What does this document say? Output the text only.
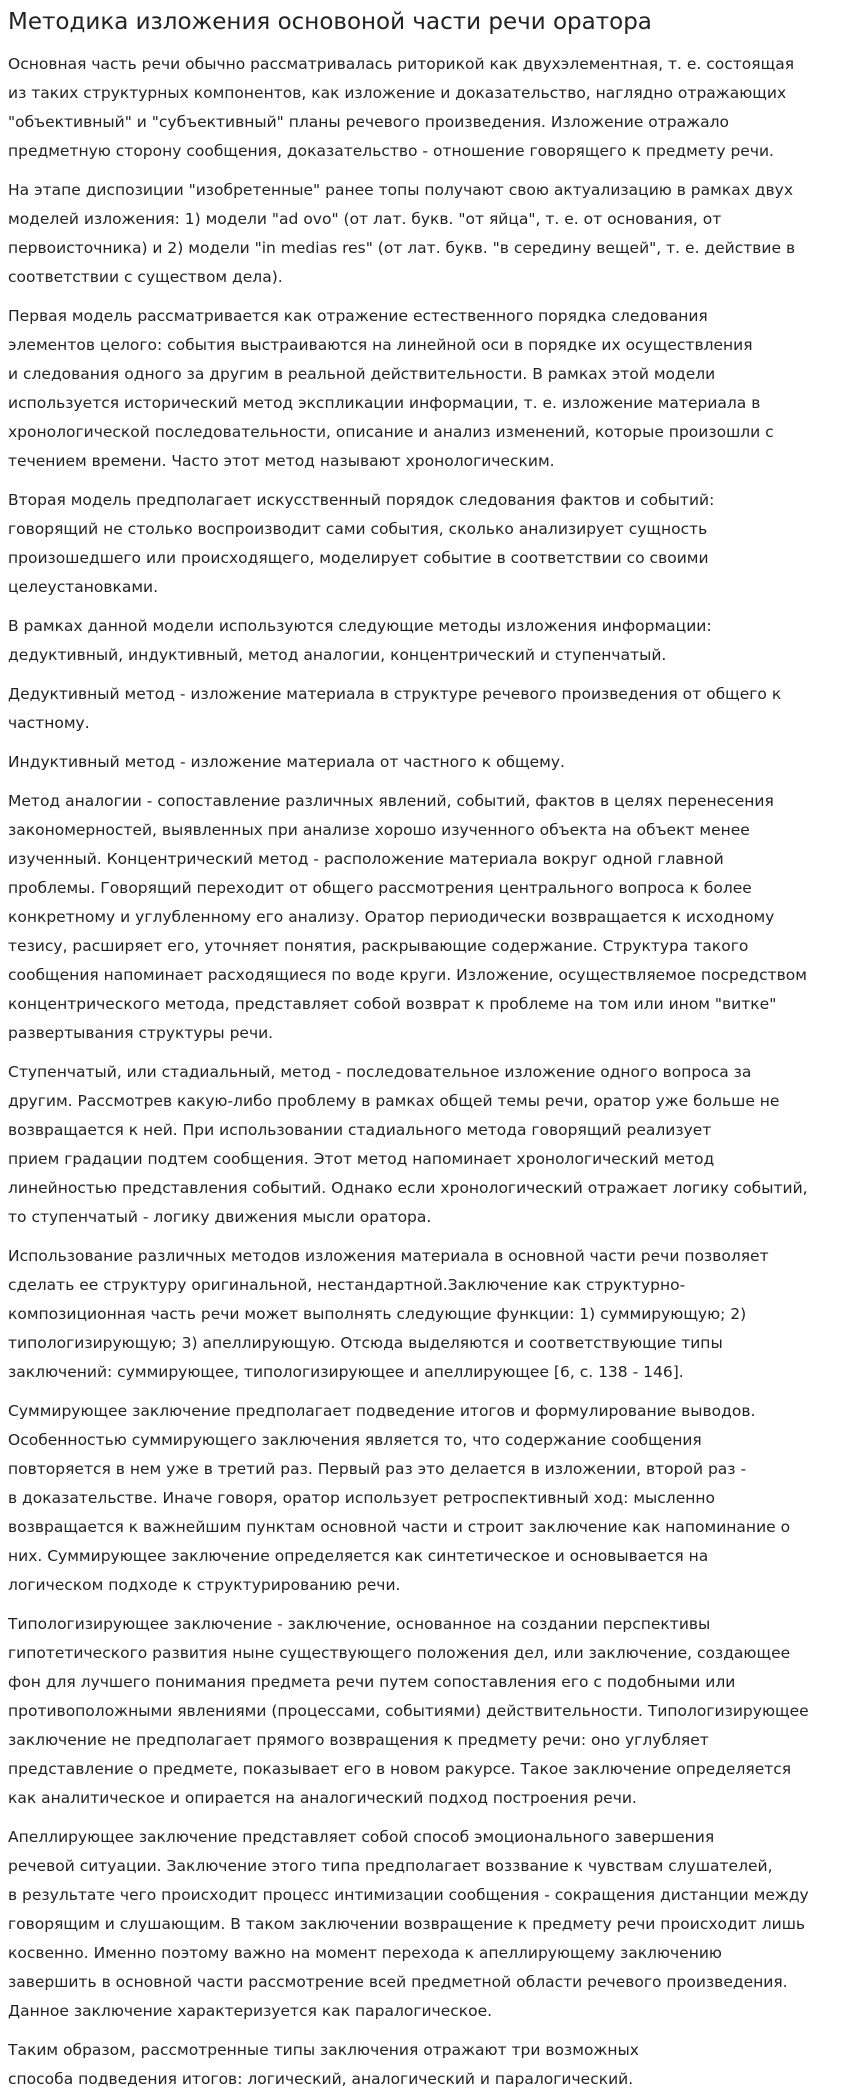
Методика изложения основоной части речи оратора

Основная часть речи обычно рассматривалась риторикой как двухэлементная, т. е. состоящая
из таких структурных компонентов, как изложение и доказательство, наглядно отражающих
"объективный" и "субъективный" планы речевого произведения. Изложение отражало
предметную сторону сообщения, доказательство - отношение говорящего к предмету речи.

На этапе диспозиции "изобретенные" ранее топы получают свою актуализацию в рамках двух
моделей изложения: 1) модели "ad ovo" (от лат. букв. "от яйца", т. е. от основания, от
первоисточника) и 2) модели "in medias res" (от лат. букв. "в середину вещей", т. е. действие в
соответствии с существом дела).

Первая модель рассматривается как отражение естественного порядка следования
элементов целого: события выстраиваются на линейной оси в порядке их осуществления
и следования одного за другим в реальной действительности. В рамках этой модели
используется исторический метод экспликации информации, т. е. изложение материала в
хронологической последовательности, описание и анализ изменений, которые произошли с
течением времени. Часто этот метод называют хронологическим.

Вторая модель предполагает искусственный порядок следования фактов и событий:
говорящий не столько воспроизводит сами события, сколько анализирует сущность
произошедшего или происходящего, моделирует событие в соответствии со своими
целеустановками.

В рамках данной модели используются следующие методы изложения информации:
дедуктивный, индуктивный, метод аналогии, концентрический и ступенчатый.

Дедуктивный метод - изложение материала в структуре речевого произведения от общего к
частному.

Индуктивный метод - изложение материала от частного к общему.

Метод аналогии - сопоставление различных явлений, событий, фактов в целях перенесения
закономерностей, выявленных при анализе хорошо изученного объекта на объект менее
изученный. Концентрический метод - расположение материала вокруг одной главной
проблемы. Говорящий переходит от общего рассмотрения центрального вопроса к более
конкретному и углубленному его анализу. Оратор периодически возвращается к исходному
тезису, расширяет его, уточняет понятия, раскрывающие содержание. Структура такого
сообщения напоминает расходящиеся по воде круги. Изложение, осуществляемое посредством
концентрического метода, представляет собой возврат к проблеме на том или ином "витке"
развертывания структуры речи.

Ступенчатый, или стадиальный, метод - последовательное изложение одного вопроса за
другим. Рассмотрев какую-либо проблему в рамках общей темы речи, оратор уже больше не
возвращается к ней. При использовании стадиального метода говорящий реализует
прием градации подтем сообщения. Этот метод напоминает хронологический метод
линейностью представления событий. Однако если хронологический отражает логику событий,
то ступенчатый - логику движения мысли оратора.

Использование различных методов изложения материала в основной части речи позволяет
сделать ее структуру оригинальной, нестандартной.Заключение как структурно-
композиционная часть речи может выполнять следующие функции: 1) суммирующую; 2)
типологизирующую; 3) апеллирующую. Отсюда выделяются и соответствующие типы
заключений: суммирующее, типологизирующее и апеллирующее [6, с. 138 - 146].

Суммирующее заключение предполагает подведение итогов и формулирование выводов.
Особенностью суммирующего заключения является то, что содержание сообщения
повторяется в нем уже в третий раз. Первый раз это делается в изложении, второй раз -
в доказательстве. Иначе говоря, оратор использует ретроспективный ход: мысленно
возвращается к важнейшим пунктам основной части и строит заключение как напоминание о
них. Суммирующее заключение определяется как синтетическое и основывается на
логическом подходе к структурированию речи.

Типологизирующее заключение - заключение, основанное на создании перспективы
гипотетического развития ныне существующего положения дел, или заключение, создающее
фон для лучшего понимания предмета речи путем сопоставления его с подобными или
противоположными явлениями (процессами, событиями) действительности. Типологизирующее
заключение не предполагает прямого возвращения к предмету речи: оно углубляет
представление о предмете, показывает его в новом ракурсе. Такое заключение определяется
как аналитическое и опирается на аналогический подход построения речи.

Апеллирующее заключение представляет собой способ эмоционального завершения
речевой ситуации. Заключение этого типа предполагает воззвание к чувствам слушателей,
в результате чего происходит процесс интимизации сообщения - сокращения дистанции между
говорящим и слушающим. В таком заключении возвращение к предмету речи происходит лишь
косвенно. Именно поэтому важно на момент перехода к апеллирующему заключению
завершить в основной части рассмотрение всей предметной области речевого произведения.
Данное заключение характеризуется как паралогическое.

Таким образом, рассмотренные типы заключения отражают три возможных
способа подведения итогов: логический, аналогический и паралогический.
